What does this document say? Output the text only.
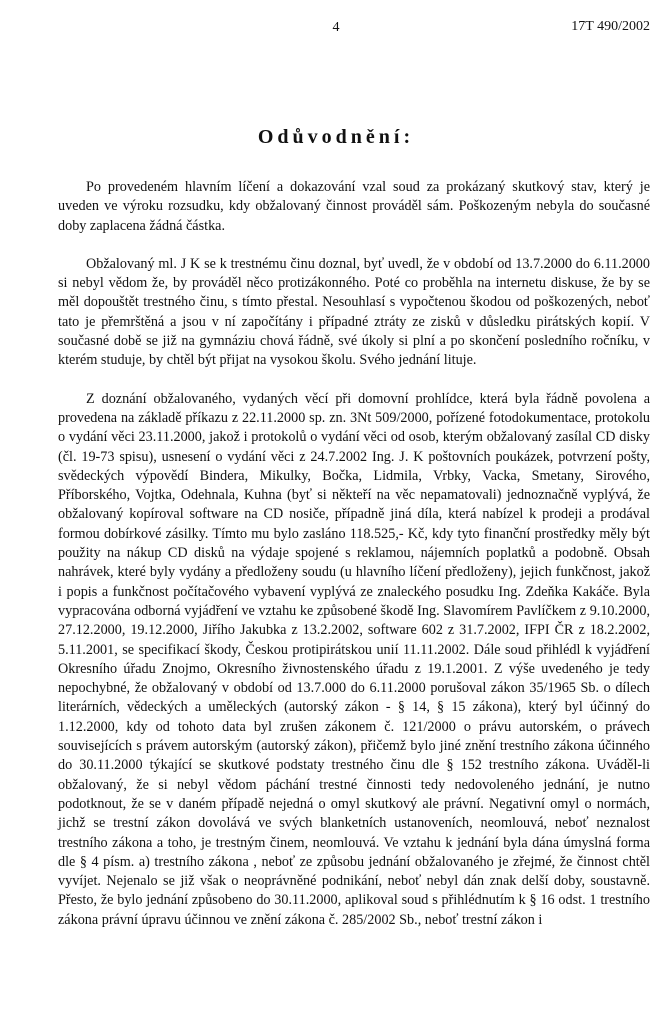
4	17T 490/2002
Odůvodnění:

Po provedeném hlavním líčení a dokazování vzal soud za prokázaný skutkový stav, který je uveden ve výroku rozsudku, kdy obžalovaný činnost prováděl sám. Poškozeným nebyla do současné doby zaplacena žádná částka.

Obžalovaný ml. J K se k trestnému činu doznal, byť uvedl, že v období od 13.7.2000 do 6.11.2000 si nebyl vědom že, by prováděl něco protizákonného. Poté co proběhla na internetu diskuse, že by se měl dopouštět trestného činu, s tímto přestal. Nesouhlasí s vypočtenou škodou od poškozených, neboť tato je přemrštěná a jsou v ní započítány i případné ztráty ze zisků v důsledku pirátských kopií. V současné době se již na gymnáziu chová řádně, své úkoly si plní a po skončení posledního ročníku, v kterém studuje, by chtěl být přijat na vysokou školu. Svého jednání lituje.

Z doznání obžalovaného, vydaných věcí při domovní prohlídce, která byla řádně povolena a provedena na základě příkazu z 22.11.2000 sp. zn. 3Nt 509/2000, pořízené fotodokumentace, protokolu o vydání věci 23.11.2000, jakož i protokolů o vydání věci od osob, kterým obžalovaný zasílal CD disky (čl. 19-73 spisu), usnesení o vydání věci z 24.7.2002 Ing. J. K poštovních poukázek, potvrzení pošty, svědeckých výpovědí Bindera, Mikulky, Bočka, Lidmila, Vrbky, Vacka, Smetany, Sirového, Příborského, Vojtka, Odehnala, Kuhna (byť si někteří na věc nepamatovali) jednoznačně vyplývá, že obžalovaný kopíroval software na CD nosiče, případně jiná díla, která nabízel k prodeji a prodával formou dobírkové zásilky. Tímto mu bylo zasláno 118.525,- Kč, kdy tyto finanční prostředky měly být použity na nákup CD disků na výdaje spojené s reklamou, nájemních poplatků a podobně. Obsah nahrávek, které byly vydány a předloženy soudu (u hlavního líčení předloženy), jejich funkčnost, jakož i popis a funkčnost počítačového vybavení vyplývá ze znaleckého posudku Ing. Zdeňka Kakáče. Byla vypracována odborná vyjádření ve vztahu ke způsobené škodě Ing. Slavomírem Pavlíčkem z 9.10.2000, 27.12.2000, 19.12.2000, Jiřího Jakubka z 13.2.2002, software 602 z 31.7.2002, IFPI ČR z 18.2.2002, 5.11.2001, se specifikací škody, Českou protipirátskou unií 11.11.2002. Dále soud přihlédl k vyjádření Okresního úřadu Znojmo, Okresního živnostenského úřadu z 19.1.2001. Z výše uvedeného je tedy nepochybné, že obžalovaný v období od 13.7.000 do 6.11.2000 porušoval zákon 35/1965 Sb. o dílech literárních, vědeckých a uměleckých (autorský zákon - § 14, § 15 zákona), který byl účinný do 1.12.2000, kdy od tohoto data byl zrušen zákonem č. 121/2000 o právu autorském, o právech souvisejících s právem autorským (autorský zákon), přičemž bylo jiné znění trestního zákona účinného do 30.11.2000 týkající se skutkové podstaty trestného činu dle § 152 trestního zákona. Uváděl-li obžalovaný, že si nebyl vědom páchání trestné činnosti tedy nedovoleného jednání, je nutno podotknout, že se v daném případě nejedná o omyl skutkový ale právní. Negativní omyl o normách, jichž se trestní zákon dovolává ve svých blanketních ustanoveních, neomlouvá, neboť neznalost trestního zákona a toho, je trestným činem, neomlouvá. Ve vztahu k jednání byla dána úmyslná forma dle § 4 písm. a) trestního zákona , neboť ze způsobu jednání obžalovaného je zřejmé, že činnost chtěl vyvíjet. Nejenalo se již však o neoprávněné podnikání, neboť nebyl dán znak delší doby, soustavně. Přesto, že bylo jednání způsobeno do 30.11.2000, aplikoval soud s přihlédnutím k § 16 odst. 1 trestního zákona právní úpravu účinnou ve znění zákona č. 285/2002 Sb., neboť trestní zákon i
